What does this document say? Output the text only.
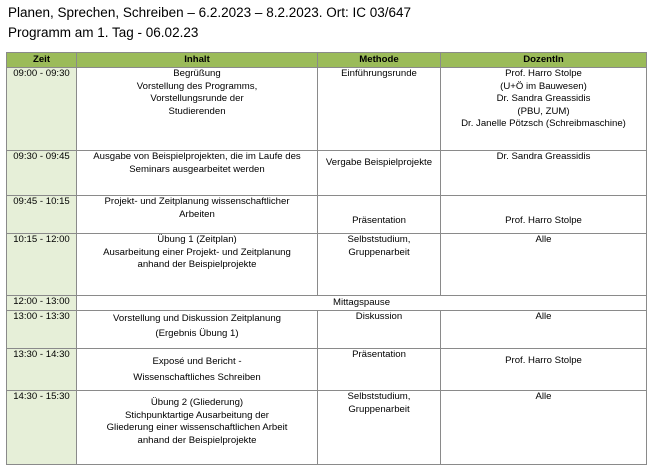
Planen, Sprechen, Schreiben – 6.2.2023 – 8.2.2023. Ort: IC 03/647
Programm am 1. Tag - 06.02.23
Zeit	Inhalt	Methode	DozentIn
09:00 - 09:30	Begrüßung
Vorstellung des Programms,
Vorstellungsrunde der
Studierenden	Einführungsrunde	Prof. Harro Stolpe
(U+Ö im Bauwesen)
Dr. Sandra Greassidis
(PBU, ZUM)
Dr. Janelle Pötzsch (Schreibmaschine)

09:30 - 09:45	Ausgabe von Beispielprojekten, die im Laufe des
Seminars ausgearbeitet werden	Vergabe Beispielprojekte	Dr. Sandra Greassidis

09:45 - 10:15	Projekt- und Zeitplanung wissenschaftlicher
Arbeiten	Präsentation	Prof. Harro Stolpe

10:15 - 12:00	Übung 1 (Zeitplan)
Ausarbeitung einer Projekt- und Zeitplanung
anhand der Beispielprojekte	Selbststudium,
Gruppenarbeit	Alle

12:00 - 13:00	Mittagspause		
13:00 - 13:30	Vorstellung und Diskussion Zeitplanung
(Ergebnis Übung 1)	Diskussion	Alle

13:30 - 14:30	Exposé und Bericht -
Wissenschaftliches Schreiben	Präsentation	Prof. Harro Stolpe

14:30 - 15:30	Übung 2 (Gliederung)
Stichpunktartige Ausarbeitung der
Gliederung einer wissenschaftlichen Arbeit
anhand der Beispielprojekte	Selbststudium,
Gruppenarbeit	Alle
